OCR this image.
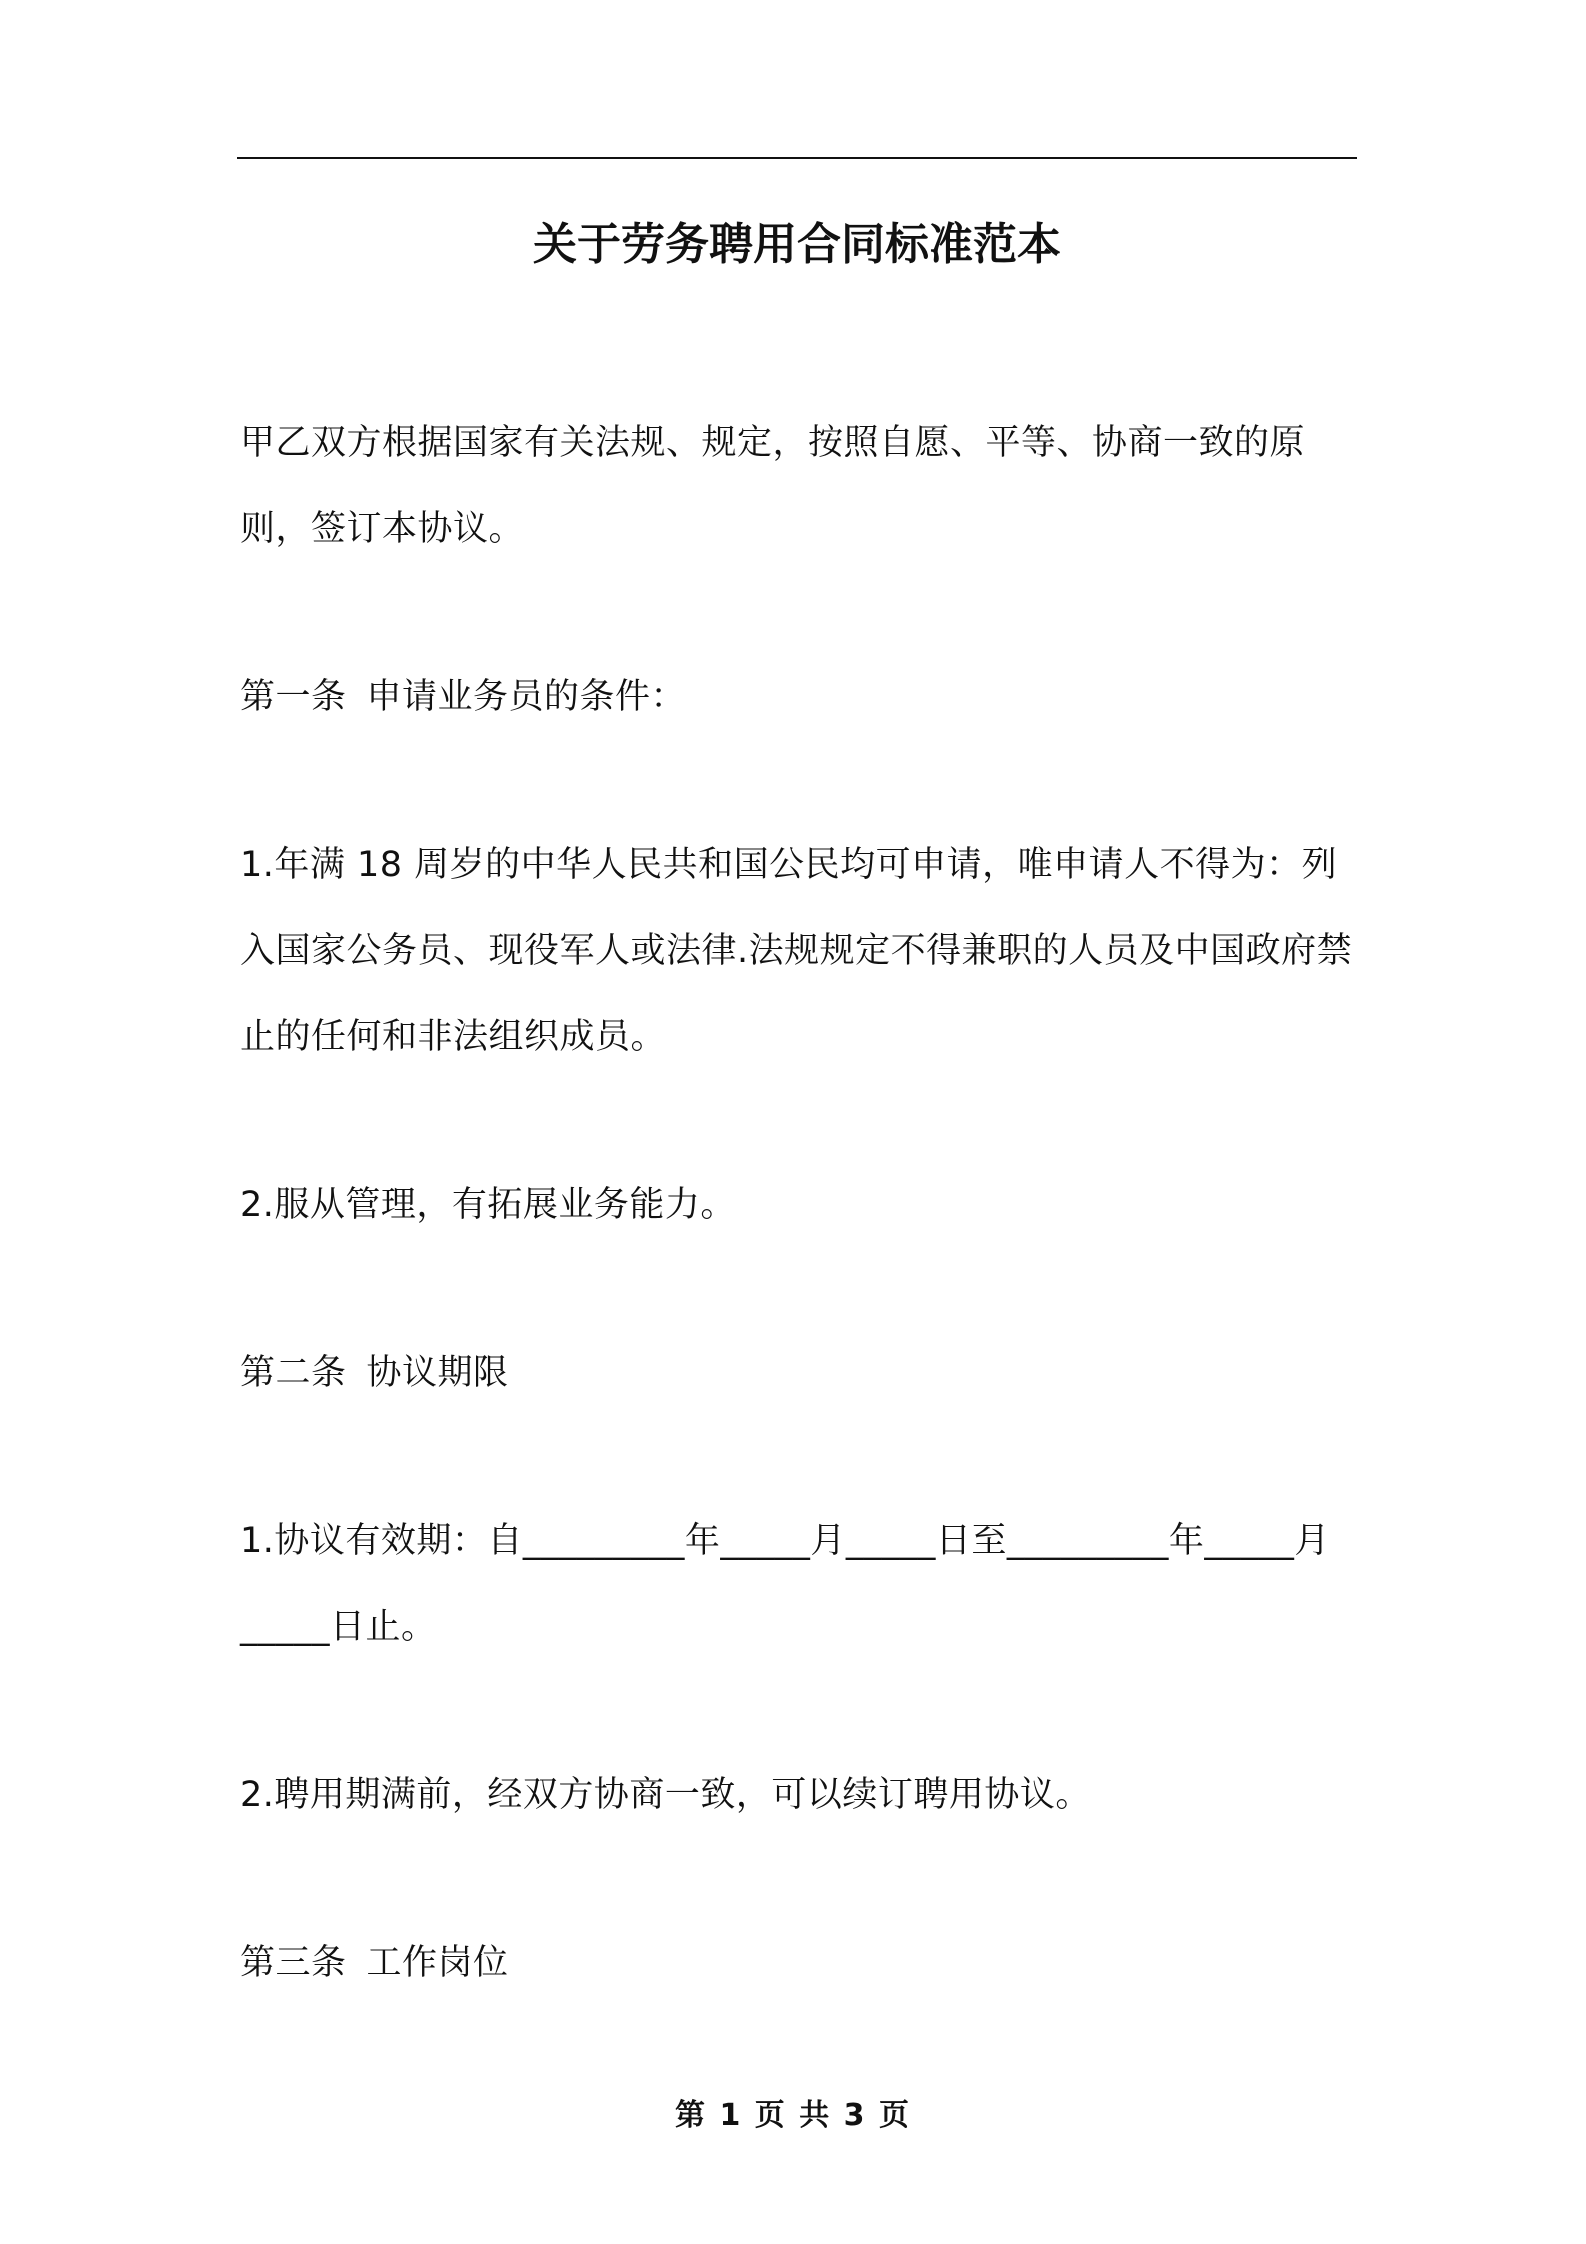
关于劳务聘用合同标准范本

甲乙双方根据国家有关法规、规定，按照自愿、平等、协商一致的原则，签订本协议。

第一条 申请业务员的条件：

1.年满 18 周岁的中华人民共和国公民均可申请，唯申请人不得为：列入国家公务员、现役军人或法律.法规规定不得兼职的人员及中国政府禁止的任何和非法组织成员。

2.服从管理，有拓展业务能力。

第二条 协议期限

1.协议有效期：自_________年_____月_____日至_________年_____月_____日止。

2.聘用期满前，经双方协商一致，可以续订聘用协议。

第三条 工作岗位

第 1 页 共 3 页
